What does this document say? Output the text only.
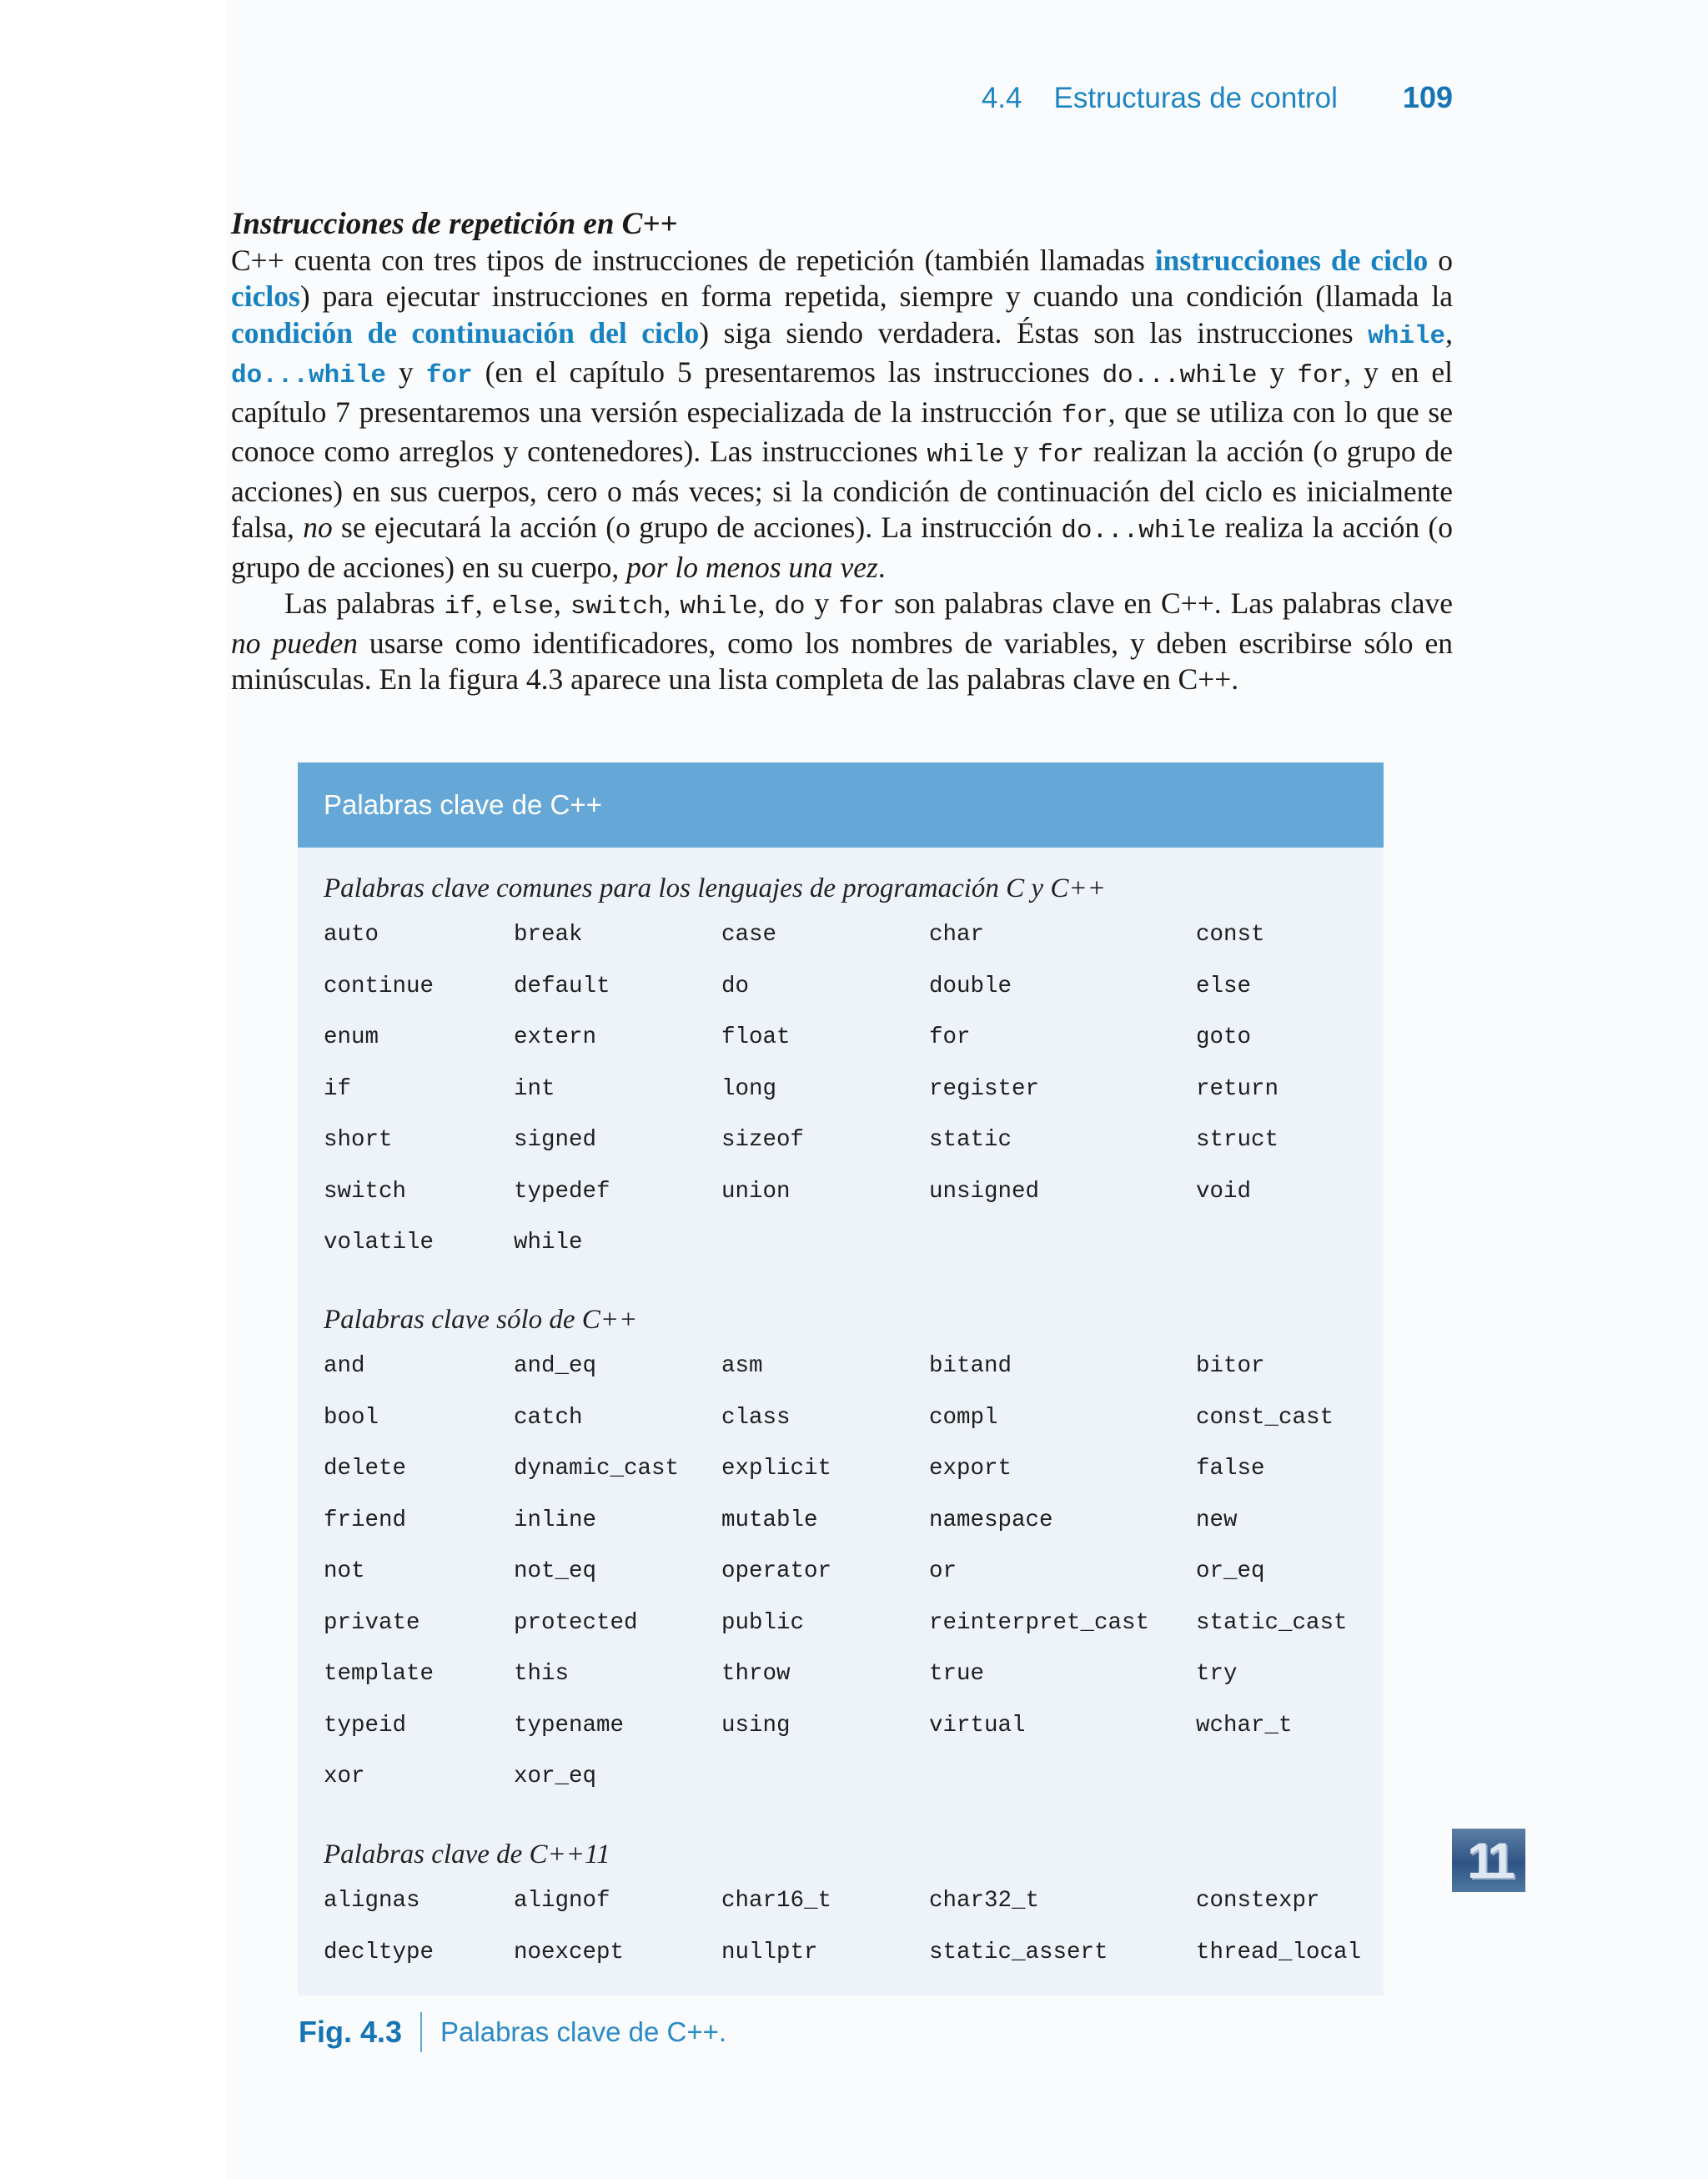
4.4 Estructuras de control 109
Instrucciones de repetición en C++

C++ cuenta con tres tipos de instrucciones de repetición (también llamadas instrucciones de ciclo o ciclos) para ejecutar instrucciones en forma repetida, siempre y cuando una condición (llamada la condición de continuación del ciclo) siga siendo verdadera. Éstas son las instrucciones while, do...while y for (en el capítulo 5 presentaremos las instrucciones do...while y for, y en el capítulo 7 presentaremos una versión especializada de la instrucción for, que se utiliza con lo que se conoce como arreglos y contenedores). Las instrucciones while y for realizan la acción (o grupo de acciones) en sus cuerpos, cero o más veces; si la condición de continuación del ciclo es inicialmente falsa, no se ejecutará la acción (o grupo de acciones). La instrucción do...while realiza la acción (o grupo de acciones) en su cuerpo, por lo menos una vez.

Las palabras if, else, switch, while, do y for son palabras clave en C++. Las palabras clave no pueden usarse como identificadores, como los nombres de variables, y deben escribirse sólo en minúsculas. En la figura 4.3 aparece una lista completa de las palabras clave en C++.

Palabras clave de C++
Palabras clave comunes para los lenguajes de programación C y C++
auto	break	case	char	const
continue	default	do	double	else
enum	extern	float	for	goto
if	int	long	register	return
short	signed	sizeof	static	struct
switch	typedef	union	unsigned	void
volatile	while
Palabras clave sólo de C++
and	and_eq	asm	bitand	bitor
bool	catch	class	compl	const_cast
delete	dynamic_cast	explicit	export	false
friend	inline	mutable	namespace	new
not	not_eq	operator	or	or_eq
private	protected	public	reinterpret_cast	static_cast
template	this	throw	true	try
typeid	typename	using	virtual	wchar_t
xor	xor_eq
Palabras clave de C++11
alignas	alignof	char16_t	char32_t	constexpr
decltype	noexcept	nullptr	static_assert	thread_local
Fig. 4.3 Palabras clave de C++.
11
